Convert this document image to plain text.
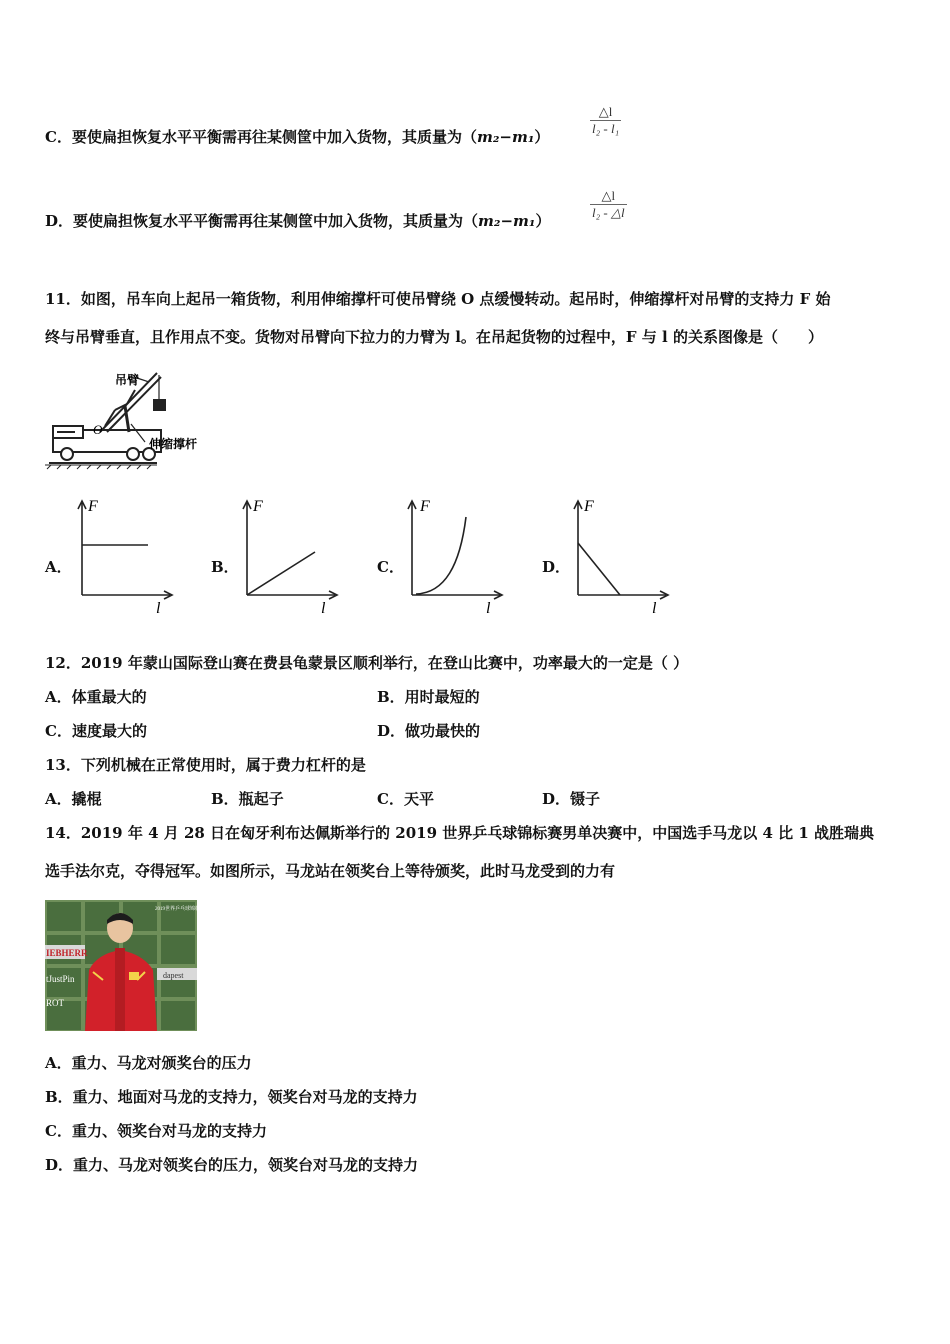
C．要使扁担恢复水平平衡需再往某侧筐中加入货物，其质量为（m₂−m₁）	$\frac{\triangle l}{\text{l₂ - l₁}}$
D．要使扁担恢复水平平衡需再往某侧筐中加入货物，其质量为（m₂−m₁）	$\frac{\triangle l}{\text{l₂ - △l}}$
11．如图，吊车向上起吊一箱货物，利用伸缩撑杆可使吊臂绕 O 点缓慢转动。起吊时，伸缩撑杆对吊臂的支持力 F 始
终与吊臂垂直，且作用点不变。货物对吊臂向下拉力的力臂为 l。在吊起货物的过程中，F 与 l 的关系图像是（　　）
吊臂
O
伸缩撑杆
A．
F
l
B．
F
l
C．
F
l
D．
F
l
12．2019 年蒙山国际登山赛在费县龟蒙景区顺利举行，在登山比赛中，功率最大的一定是（ ）
A．体重最大的	B．用时最短的
C．速度最大的	D．做功最快的
13．下列机械在正常使用时，属于费力杠杆的是
A．撬棍	B．瓶起子	C．天平	D．镊子
14．2019 年 4 月 28 日在匈牙利布达佩斯举行的 2019 世界乒乓球锦标赛男单决赛中，中国选手马龙以 4 比 1 战胜瑞典
选手法尔克，夺得冠军。如图所示，马龙站在领奖台上等待颁奖，此时马龙受到的力有
IEBHERR
tJustPin
ROT
dapest
2019世界乒乓球锦标赛
A．重力、马龙对颁奖台的压力
B．重力、地面对马龙的支持力，领奖台对马龙的支持力
C．重力、领奖台对马龙的支持力
D．重力、马龙对领奖台的压力，领奖台对马龙的支持力
